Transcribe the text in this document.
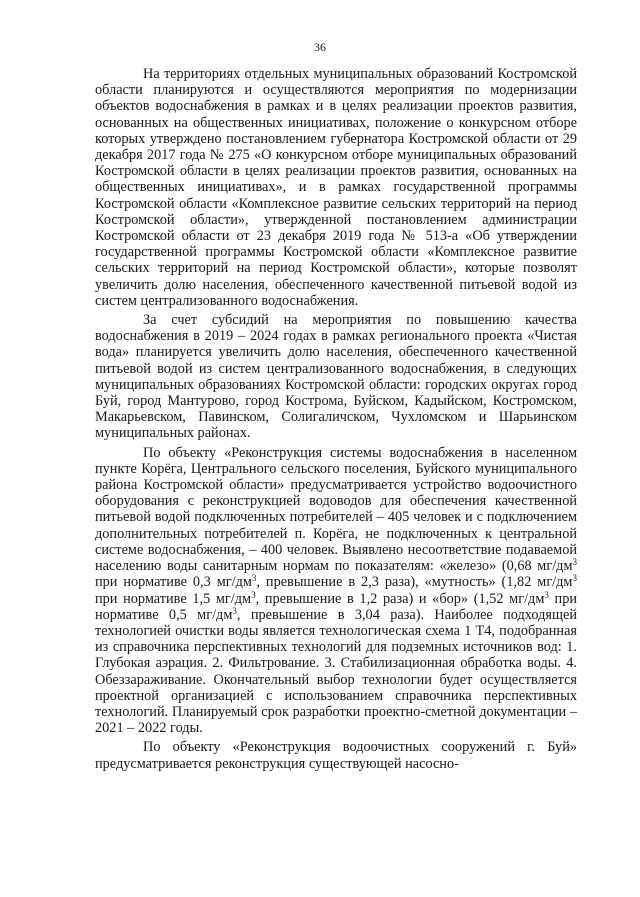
36

На территориях отдельных муниципальных образований Костромской области планируются и осуществляются мероприятия по модернизации объектов водоснабжения в рамках и в целях реализации проектов развития, основанных на общественных инициативах, положение о конкурсном отборе которых утверждено постановлением губернатора Костромской области от 29 декабря 2017 года № 275 «О конкурсном отборе муниципальных образований Костромской области в целях реализации проектов развития, основанных на общественных инициативах», и в рамках государственной программы Костромской области «Комплексное развитие сельских территорий на период Костромской области», утвержденной постановлением администрации Костромской области от 23 декабря 2019 года № 513-а «Об утверждении государственной программы Костромской области «Комплексное развитие сельских территорий на период Костромской области», которые позволят увеличить долю населения, обеспеченного качественной питьевой водой из систем централизованного водоснабжения.

За счет субсидий на мероприятия по повышению качества водоснабжения в 2019 – 2024 годах в рамках регионального проекта «Чистая вода» планируется увеличить долю населения, обеспеченного качественной питьевой водой из систем централизованного водоснабжения, в следующих муниципальных образованиях Костромской области: городских округах город Буй, город Мантурово, город Кострома, Буйском, Кадыйском, Костромском, Макарьевском, Павинском, Солигаличском, Чухломском и Шарьинском муниципальных районах.

По объекту «Реконструкция системы водоснабжения в населенном пункте Корёга, Центрального сельского поселения, Буйского муниципального района Костромской области» предусматривается устройство водоочистного оборудования с реконструкцией водоводов для обеспечения качественной питьевой водой подключенных потребителей – 405 человек и с подключением дополнительных потребителей п. Корёга, не подключенных к центральной системе водоснабжения, – 400 человек. Выявлено несоответствие подаваемой населению воды санитарным нормам по показателям: «железо» (0,68 $мг/дм^3$ при нормативе 0,3 $мг/дм^3$, превышение в 2,3 раза), «мутность» (1,82 $мг/дм^3$ при нормативе 1,5 $мг/дм^3$, превышение в 1,2 раза) и «бор» (1,52 $мг/дм^3$ при нормативе 0,5 $мг/дм^3$, превышение в 3,04 раза). Наиболее подходящей технологией очистки воды является технологическая схема 1 Т4, подобранная из справочника перспективных технологий для подземных источников вод: 1. Глубокая аэрация. 2. Фильтрование. 3. Стабилизационная обработка воды. 4. Обеззараживание. Окончательный выбор технологии будет осуществляется проектной организацией с использованием справочника перспективных технологий. Планируемый срок разработки проектно-сметной документации – 2021 – 2022 годы.

По объекту «Реконструкция водоочистных сооружений г. Буй» предусматривается реконструкция существующей насосно-
